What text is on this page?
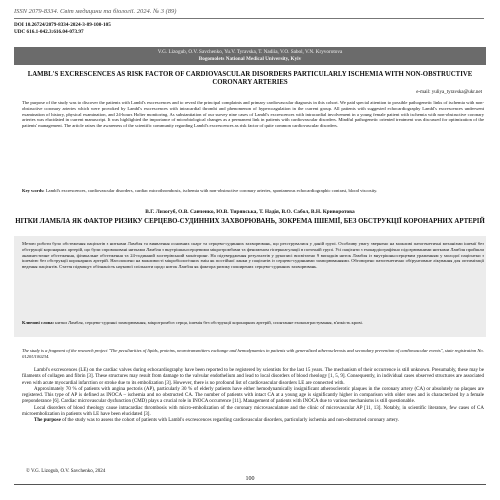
ISSN 2079-8334. Світ медицини та біології. 2024. № 3 (89)
DOI 10.26724/2079-8334-2024-3-89-100-105
UDC 616.1-042.3:616.04-073.97
V.G. Lizogub, O.V. Savchenko, Yu.V. Tyravska, T. Nadiia, V.O. Sabol, V.N. Kryvorotova
Bogomolets National Medical University, Kyiv
LAMBL'S EXCRESCENCES AS RISK FACTOR OF CARDIOVASCULAR DISORDERS PARTICULARLY ISCHEMIA WITH NON-OBSTRUCTIVE CORONARY ARTERIES
e-mail: yuliya_tyravska@ukr.net
The purpose of the study was to discover the patients with Lambl's excrescences and to reveal the principal complaints and primary cardiovascular diagnosis in this cohort. We paid special attention to possible pathogenetic links of ischemia with non-obstructive coronary arteries which were provoked by Lambl's excrescences with intracardial thrombi and phenomenon of hypercoagulation in the current group. All patients with suggested echocardiography Lambl's excrescences underwent examination of history, physical examination, and 24-hours Holter monitoring. As substantiation of our survey nine cases of Lambl's excrescences with intracardial involvement in a young female patient with ischemia with non-obstructive coronary arteries was elucidated in current manuscript. It was highlighted the importance of microbiological changes as a permanent link in patients with cardiovascular disorders. Mindful pathogenetic oriented treatment was discussed for optimization of the patients' management. The article raises the awareness of the scientific community regarding Lambl's excrescences as risk factor of quite common cardiovascular disorders.
Key words: Lambl's excrescences, cardiovascular disorders, cardiac microthrombosis, ischemia with non-obstructive coronary arteries, spontaneous echocardiographic contrast, blood viscosity.
В.Г. Лизогуб, О.В. Савченко, Ю.В. Тирявська, Т. Надія, В.О. Сабол, В.Н. Криворотова
НІТКИ ЛАМБЛА ЯК ФАКТОР РИЗИКУ СЕРЦЕВО-СУДИННИХ ЗАХВОРЮВАНЬ, ЗОКРЕМА ІШЕМІЇ, БЕЗ ОБСТРУКЦІЇ КОРОНАРНИХ АРТЕРІЙ
Метою роботи було обстеження пацієнтів з нитками Ламбля та виявлення основних скарг та серцево-судинних захворювань, що реєструвалися у даній групі. Особливу увагу звернено на можливі патогенетичні механізми ішемії без обструкції коронарних артерій, що були спровоковані нитками Ламбля з внутрішньосерцевими мікротромбами та феноменом гіперкоагуляції в поточній групі. Усі пацієнти з ехокардіографічно підозрюваними нитками Ламбля пройшли анамнестичне обстеження, фізикальне обстеження та 24-годинний холтерівський моніторинг. На підтвердження результатів у рукописі висвітлено 9 випадків ниток Ламбля із внутрішньосерцевим ураженням у молодої пацієнтки з ішемією без обструкції коронарних артерій. Наголошено на важливості мікробіологічних змін як постійної ланки у пацієнтів із серцево-судинними захворюваннями. Обговорено патогенетично обґрунтоване лікування для оптимізації ведення пацієнтів. Стаття підвищує обізнаність наукової спільноти щодо ниток Ламбля як фактора ризику поширених серцево-судинних захворювань.
Ключові слова: нитки Ламбля, серцево-судинні захворювання, мікротромбоз серця, ішемія без обструкції коронарних артерій, спонтанне ехоконтрастування, в'язкість крові.
The study is a fragment of the research project "The peculiarities of lipids, proteins, neurotransmitters exchange and hemodynamics in patients with generalized atherosclerosis and secondary prevention of cardiovascular events", state registration No. 0120U100234.

Lambl's excrescences (LE) on the cardiac valves during echocardiography have been reported to be registered by scientists for the last 15 years. The mechanism of their occurrence is still unknown. Presumably, these may be filaments of collagen and fibrin [3]. These structures may result from damage to the valvular endothelium and lead to local disorders of blood rheology [1, 5, 9]. Consequently, in individual cases observed structures are associated even with acute myocardial infarction or stroke due to its embolization [3]. However, there is no profound list of cardiovascular disorders LE are connected with.

Approximately 70 % of patients with angina pectoris (AP), particularly 30 % of elderly patients have either hemodynamically insignificant atherosclerotic plaques in the coronary artery (CA) or absolutely no plaques are registered. This type of AP is defined as INOCA – ischemia and no obstructed CA. The number of patients with intact CA at a young age is significantly higher in comparison with older ones and is characterized by a female preponderance [6]. Cardiac microvascular dysfunction (CMD) plays a crucial role in INOCA occurrence [11]. Management of patients with INOCA due to various mechanisms is still questionable.

Local disorders of blood rheology cause intracardiac thrombosis with micro-embolization of the coronary microvasculature and the clinic of microvascular AP [11, 13]. Notably, in scientific literature, few cases of CA microembolization in patients with LE have been elucidated [3].

The purpose of the study was to assess the cohort of patients with Lambl's excrescences regarding cardiovascular disorders, particularly ischemia and non-obstructed coronary artery.

© V.G. Lizogub, O.V. Savchenko, 2024
100
